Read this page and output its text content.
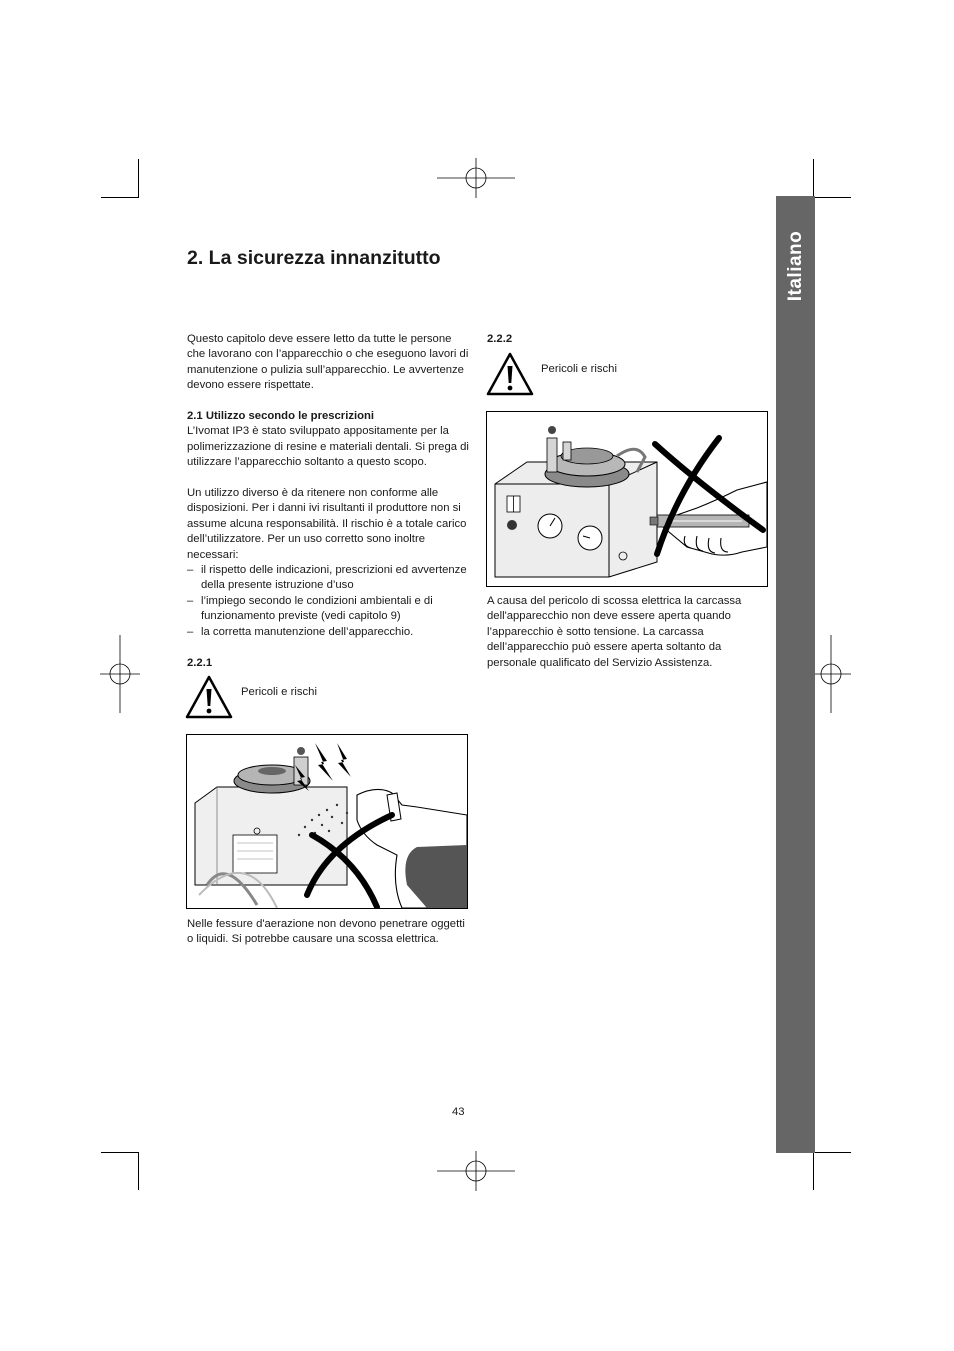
Italiano
2. La sicurezza innanzitutto

Questo capitolo deve essere letto da tutte le persone che lavorano con l’apparecchio o che eseguono lavori di manutenzione o pulizia sull’apparecchio. Le avvertenze devono essere rispettate.

2.1 Utilizzo secondo le prescrizioni

L’Ivomat IP3 è stato sviluppato appositamente per la polimerizzazione di resine e materiali dentali. Si prega di utilizzare l’apparecchio soltanto a questo scopo.

Un utilizzo diverso è da ritenere non conforme alle disposizioni. Per i danni ivi risultanti il produttore non si assume alcuna responsabilità. Il rischio è a totale carico dell’utilizzatore. Per un uso corretto sono inoltre necessari:

– il rispetto delle indicazioni, prescrizioni ed avvertenze della presente istruzione d’uso
– l’impiego secondo le condizioni ambientali e di funzionamento previste (vedi capitolo 9)
– la corretta manutenzione dell’apparecchio.
2.2.1
Pericoli e rischi
Nelle fessure d'aerazione non devono penetrare oggetti o liquidi. Si potrebbe causare una scossa elettrica.
2.2.2
Pericoli e rischi
A causa del pericolo di scossa elettrica la carcassa dell'apparecchio non deve essere aperta quando l’apparecchio è sotto tensione. La carcassa dell’apparecchio può essere aperta soltanto da personale qualificato del Servizio Assistenza.
43
